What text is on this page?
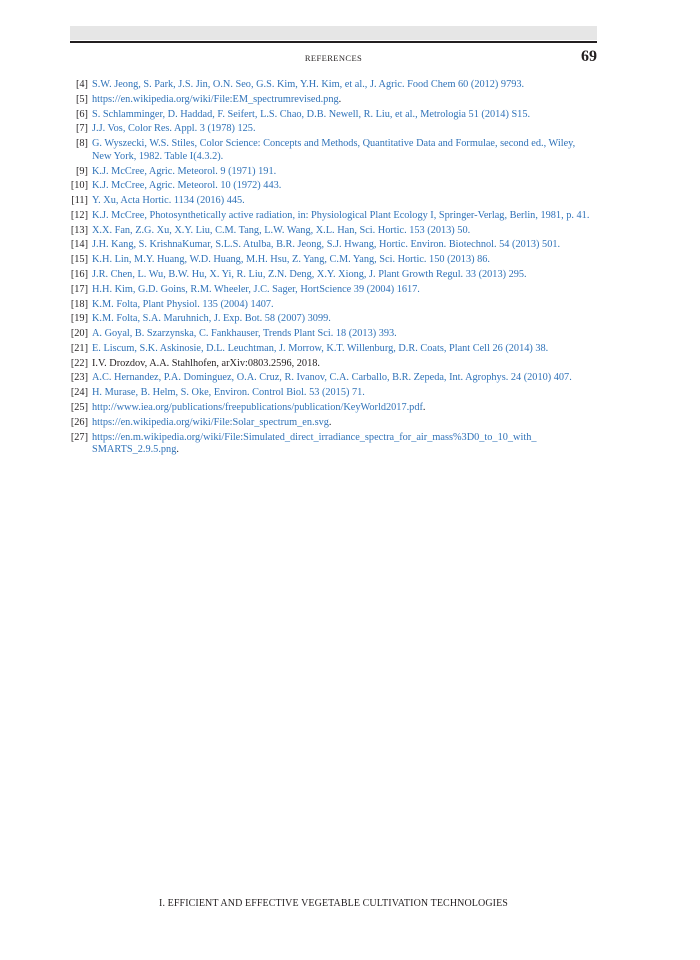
REFERENCES	69
[4] S.W. Jeong, S. Park, J.S. Jin, O.N. Seo, G.S. Kim, Y.H. Kim, et al., J. Agric. Food Chem 60 (2012) 9793.
[5] https://en.wikipedia.org/wiki/File:EM_spectrumrevised.png.
[6] S. Schlamminger, D. Haddad, F. Seifert, L.S. Chao, D.B. Newell, R. Liu, et al., Metrologia 51 (2014) S15.
[7] J.J. Vos, Color Res. Appl. 3 (1978) 125.
[8] G. Wyszecki, W.S. Stiles, Color Science: Concepts and Methods, Quantitative Data and Formulae, second ed., Wiley, New York, 1982. Table I(4.3.2).
[9] K.J. McCree, Agric. Meteorol. 9 (1971) 191.
[10] K.J. McCree, Agric. Meteorol. 10 (1972) 443.
[11] Y. Xu, Acta Hortic. 1134 (2016) 445.
[12] K.J. McCree, Photosynthetically active radiation, in: Physiological Plant Ecology I, Springer-Verlag, Berlin, 1981, p. 41.
[13] X.X. Fan, Z.G. Xu, X.Y. Liu, C.M. Tang, L.W. Wang, X.L. Han, Sci. Hortic. 153 (2013) 50.
[14] J.H. Kang, S. KrishnaKumar, S.L.S. Atulba, B.R. Jeong, S.J. Hwang, Hortic. Environ. Biotechnol. 54 (2013) 501.
[15] K.H. Lin, M.Y. Huang, W.D. Huang, M.H. Hsu, Z. Yang, C.M. Yang, Sci. Hortic. 150 (2013) 86.
[16] J.R. Chen, L. Wu, B.W. Hu, X. Yi, R. Liu, Z.N. Deng, X.Y. Xiong, J. Plant Growth Regul. 33 (2013) 295.
[17] H.H. Kim, G.D. Goins, R.M. Wheeler, J.C. Sager, HortScience 39 (2004) 1617.
[18] K.M. Folta, Plant Physiol. 135 (2004) 1407.
[19] K.M. Folta, S.A. Maruhnich, J. Exp. Bot. 58 (2007) 3099.
[20] A. Goyal, B. Szarzynska, C. Fankhauser, Trends Plant Sci. 18 (2013) 393.
[21] E. Liscum, S.K. Askinosie, D.L. Leuchtman, J. Morrow, K.T. Willenburg, D.R. Coats, Plant Cell 26 (2014) 38.
[22] I.V. Drozdov, A.A. Stahlhofen, arXiv:0803.2596, 2018.
[23] A.C. Hernandez, P.A. Dominguez, O.A. Cruz, R. Ivanov, C.A. Carballo, B.R. Zepeda, Int. Agrophys. 24 (2010) 407.
[24] H. Murase, B. Helm, S. Oke, Environ. Control Biol. 53 (2015) 71.
[25] http://www.iea.org/publications/freepublications/publication/KeyWorld2017.pdf.
[26] https://en.wikipedia.org/wiki/File:Solar_spectrum_en.svg.
[27] https://en.m.wikipedia.org/wiki/File:Simulated_direct_irradiance_spectra_for_air_mass%3D0_to_10_with_ SMARTS_2.9.5.png.
I. EFFICIENT AND EFFECTIVE VEGETABLE CULTIVATION TECHNOLOGIES
